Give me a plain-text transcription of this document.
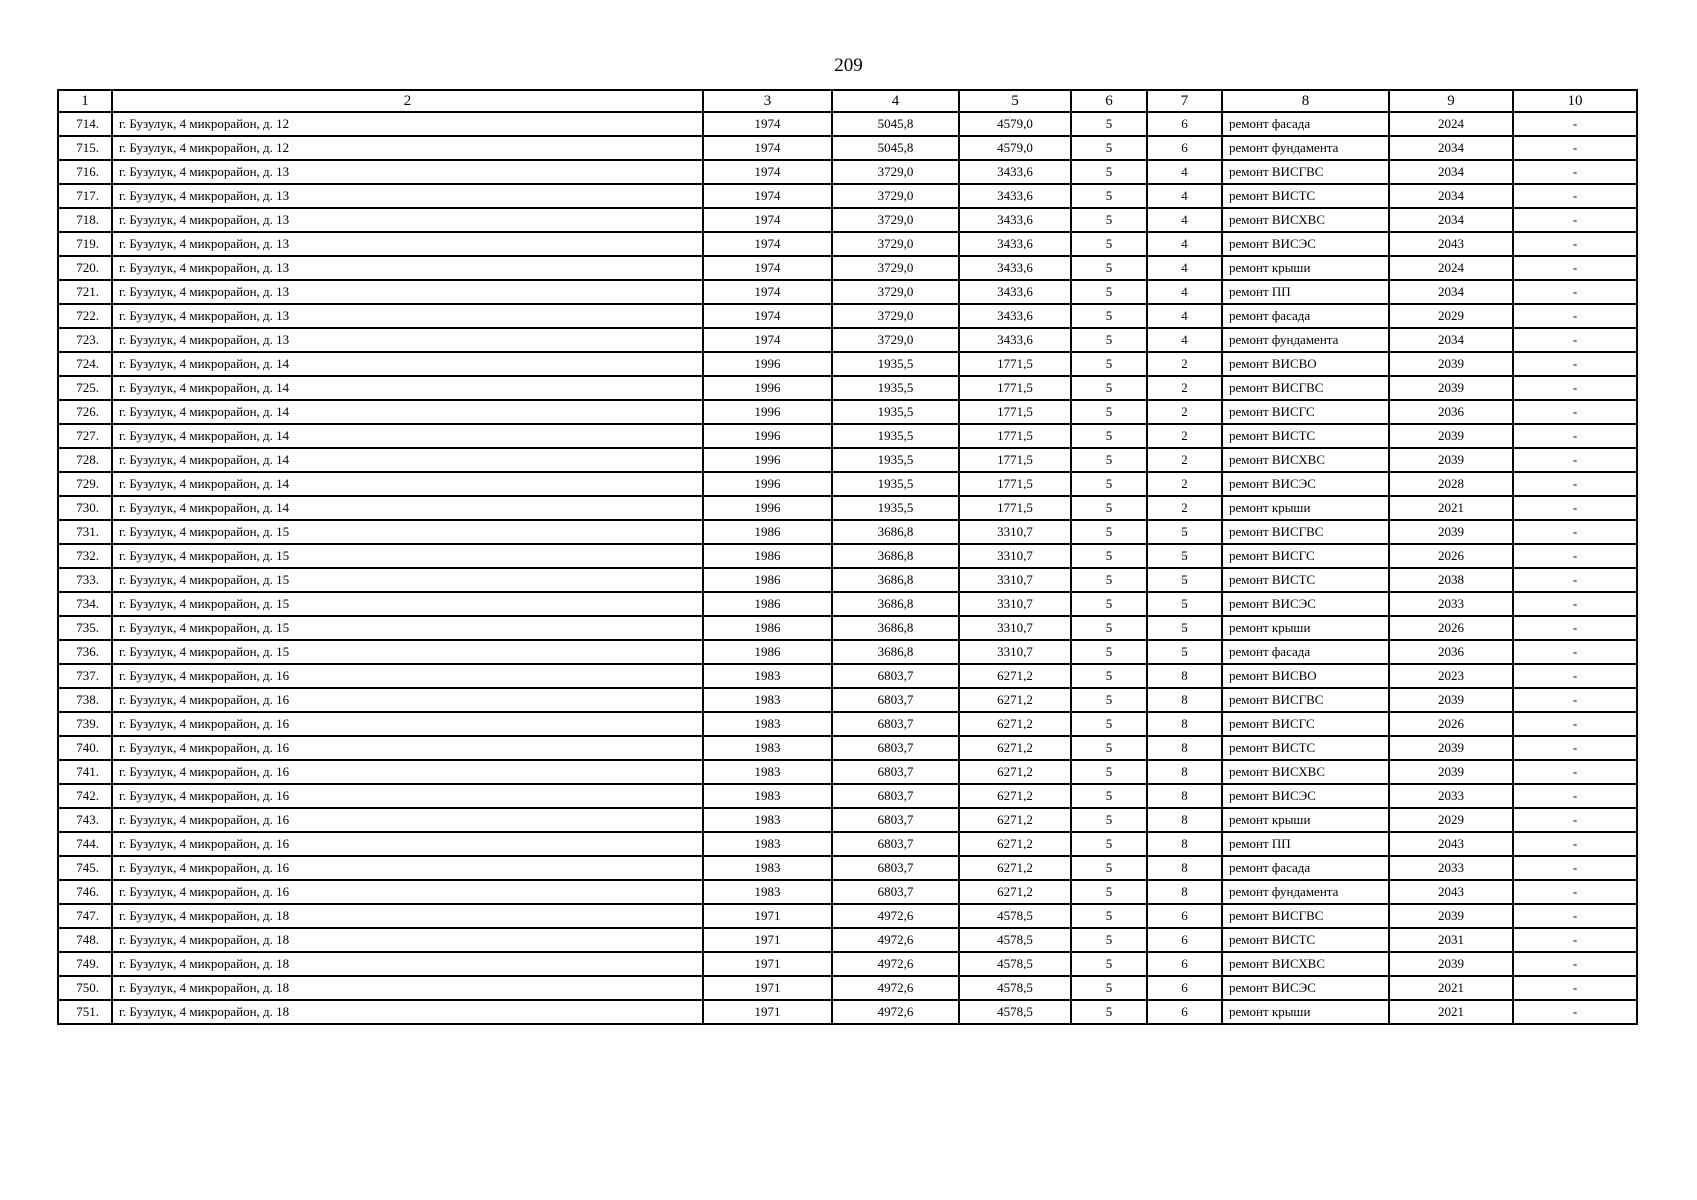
209
1	2	3	4	5	6	7	8	9	10
714.	г. Бузулук, 4 микрорайон, д. 12	1974	5045,8	4579,0	5	6	ремонт фасада	2024	-
715.	г. Бузулук, 4 микрорайон, д. 12	1974	5045,8	4579,0	5	6	ремонт фундамента	2034	-
716.	г. Бузулук, 4 микрорайон, д. 13	1974	3729,0	3433,6	5	4	ремонт ВИСГВС	2034	-
717.	г. Бузулук, 4 микрорайон, д. 13	1974	3729,0	3433,6	5	4	ремонт ВИСТС	2034	-
718.	г. Бузулук, 4 микрорайон, д. 13	1974	3729,0	3433,6	5	4	ремонт ВИСХВС	2034	-
719.	г. Бузулук, 4 микрорайон, д. 13	1974	3729,0	3433,6	5	4	ремонт ВИСЭС	2043	-
720.	г. Бузулук, 4 микрорайон, д. 13	1974	3729,0	3433,6	5	4	ремонт крыши	2024	-
721.	г. Бузулук, 4 микрорайон, д. 13	1974	3729,0	3433,6	5	4	ремонт ПП	2034	-
722.	г. Бузулук, 4 микрорайон, д. 13	1974	3729,0	3433,6	5	4	ремонт фасада	2029	-
723.	г. Бузулук, 4 микрорайон, д. 13	1974	3729,0	3433,6	5	4	ремонт фундамента	2034	-
724.	г. Бузулук, 4 микрорайон, д. 14	1996	1935,5	1771,5	5	2	ремонт ВИСВО	2039	-
725.	г. Бузулук, 4 микрорайон, д. 14	1996	1935,5	1771,5	5	2	ремонт ВИСГВС	2039	-
726.	г. Бузулук, 4 микрорайон, д. 14	1996	1935,5	1771,5	5	2	ремонт ВИСГС	2036	-
727.	г. Бузулук, 4 микрорайон, д. 14	1996	1935,5	1771,5	5	2	ремонт ВИСТС	2039	-
728.	г. Бузулук, 4 микрорайон, д. 14	1996	1935,5	1771,5	5	2	ремонт ВИСХВС	2039	-
729.	г. Бузулук, 4 микрорайон, д. 14	1996	1935,5	1771,5	5	2	ремонт ВИСЭС	2028	-
730.	г. Бузулук, 4 микрорайон, д. 14	1996	1935,5	1771,5	5	2	ремонт крыши	2021	-
731.	г. Бузулук, 4 микрорайон, д. 15	1986	3686,8	3310,7	5	5	ремонт ВИСГВС	2039	-
732.	г. Бузулук, 4 микрорайон, д. 15	1986	3686,8	3310,7	5	5	ремонт ВИСГС	2026	-
733.	г. Бузулук, 4 микрорайон, д. 15	1986	3686,8	3310,7	5	5	ремонт ВИСТС	2038	-
734.	г. Бузулук, 4 микрорайон, д. 15	1986	3686,8	3310,7	5	5	ремонт ВИСЭС	2033	-
735.	г. Бузулук, 4 микрорайон, д. 15	1986	3686,8	3310,7	5	5	ремонт крыши	2026	-
736.	г. Бузулук, 4 микрорайон, д. 15	1986	3686,8	3310,7	5	5	ремонт фасада	2036	-
737.	г. Бузулук, 4 микрорайон, д. 16	1983	6803,7	6271,2	5	8	ремонт ВИСВО	2023	-
738.	г. Бузулук, 4 микрорайон, д. 16	1983	6803,7	6271,2	5	8	ремонт ВИСГВС	2039	-
739.	г. Бузулук, 4 микрорайон, д. 16	1983	6803,7	6271,2	5	8	ремонт ВИСГС	2026	-
740.	г. Бузулук, 4 микрорайон, д. 16	1983	6803,7	6271,2	5	8	ремонт ВИСТС	2039	-
741.	г. Бузулук, 4 микрорайон, д. 16	1983	6803,7	6271,2	5	8	ремонт ВИСХВС	2039	-
742.	г. Бузулук, 4 микрорайон, д. 16	1983	6803,7	6271,2	5	8	ремонт ВИСЭС	2033	-
743.	г. Бузулук, 4 микрорайон, д. 16	1983	6803,7	6271,2	5	8	ремонт крыши	2029	-
744.	г. Бузулук, 4 микрорайон, д. 16	1983	6803,7	6271,2	5	8	ремонт ПП	2043	-
745.	г. Бузулук, 4 микрорайон, д. 16	1983	6803,7	6271,2	5	8	ремонт фасада	2033	-
746.	г. Бузулук, 4 микрорайон, д. 16	1983	6803,7	6271,2	5	8	ремонт фундамента	2043	-
747.	г. Бузулук, 4 микрорайон, д. 18	1971	4972,6	4578,5	5	6	ремонт ВИСГВС	2039	-
748.	г. Бузулук, 4 микрорайон, д. 18	1971	4972,6	4578,5	5	6	ремонт ВИСТС	2031	-
749.	г. Бузулук, 4 микрорайон, д. 18	1971	4972,6	4578,5	5	6	ремонт ВИСХВС	2039	-
750.	г. Бузулук, 4 микрорайон, д. 18	1971	4972,6	4578,5	5	6	ремонт ВИСЭС	2021	-
751.	г. Бузулук, 4 микрорайон, д. 18	1971	4972,6	4578,5	5	6	ремонт крыши	2021	-
